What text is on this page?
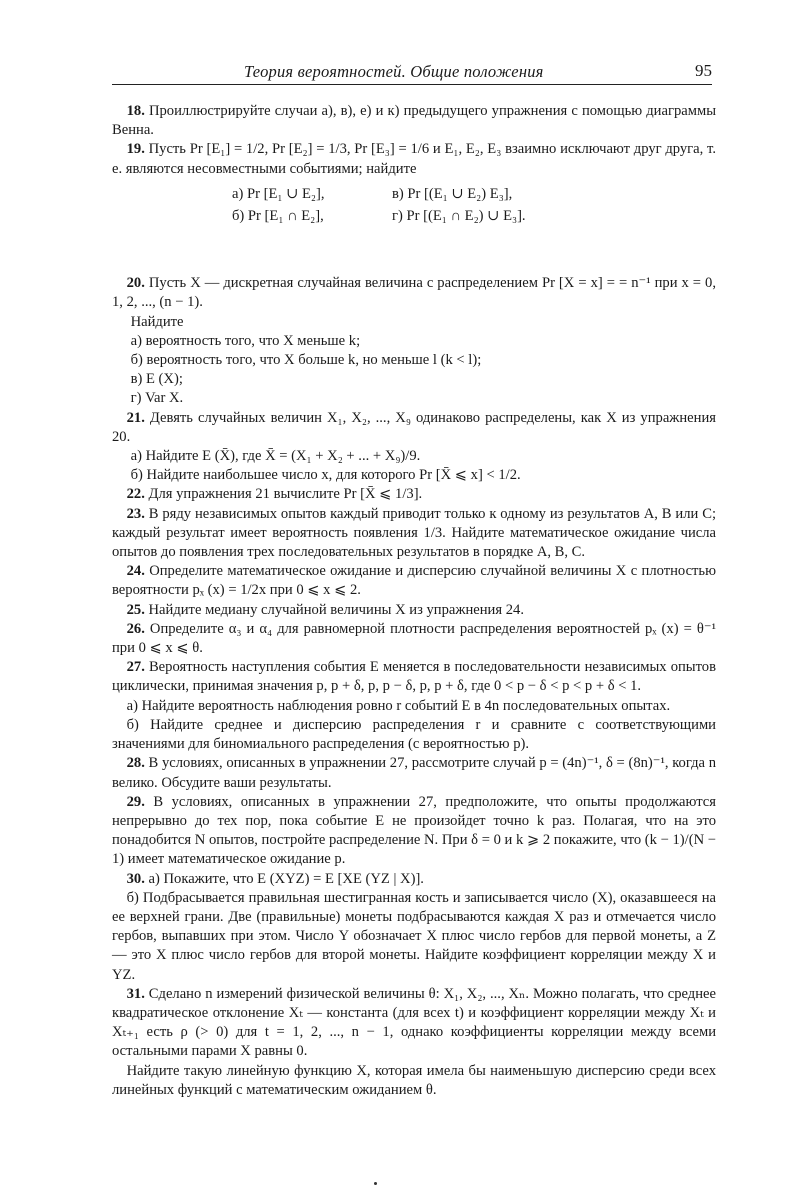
Теория вероятностей. Общие положения	95

 18. Проиллюстрируйте случаи а), в), е) и к) предыдущего упражнения с помощью диаграммы Венна.

 19. Пусть Pr [E₁] = 1/2, Pr [E₂] = 1/3, Pr [E₃] = 1/6 и E₁, E₂, E₃ взаимно исключают друг друга, т. е. являются несовместными событиями; найдите

а) Pr [E₁ ∪ E₂],	в) Pr [(E₁ ∪ E₂) E₃],
б) Pr [E₁ ∩ E₂],	г) Pr [(E₁ ∩ E₂) ∪ E₃].

 20. Пусть X — дискретная случайная величина с распределением Pr [X = x] = = n⁻¹ при x = 0, 1, 2, ..., (n − 1).

 Найдите

 а) вероятность того, что X меньше k;

 б) вероятность того, что X больше k, но меньше l (k < l);

 в) E (X);

 г) Var X.

 21. Девять случайных величин X₁, X₂, ..., X₉ одинаково распределены, как X из упражнения 20.

 а) Найдите E (X̄), где X̄ = (X₁ + X₂ + ... + X₉)/9.

 б) Найдите наибольшее число x, для которого Pr [X̄ ⩽ x] < 1/2.

 22. Для упражнения 21 вычислите Pr [X̄ ⩽ 1/3].

 23. В ряду независимых опытов каждый приводит только к одному из результатов A, B или C; каждый результат имеет вероятность появления 1/3. Найдите математическое ожидание числа опытов до появления трех последовательных результатов в порядке A, B, C.

 24. Определите математическое ожидание и дисперсию случайной величины X с плотностью вероятности pₓ (x) = 1/2x при 0 ⩽ x ⩽ 2.

 25. Найдите медиану случайной величины X из упражнения 24.

 26. Определите α₃ и α₄ для равномерной плотности распределения вероятностей pₓ (x) = θ⁻¹ при 0 ⩽ x ⩽ θ.

 27. Вероятность наступления события E меняется в последовательности независимых опытов циклически, принимая значения p, p + δ, p, p − δ, p, p + δ, где 0 < p − δ < p < p + δ < 1.

 а) Найдите вероятность наблюдения ровно r событий E в 4n последовательных опытах.

 б) Найдите среднее и дисперсию распределения r и сравните с соответствующими значениями для биномиального распределения (с вероятностью p).

 28. В условиях, описанных в упражнении 27, рассмотрите случай p = (4n)⁻¹, δ = (8n)⁻¹, когда n велико. Обсудите ваши результаты.

 29. В условиях, описанных в упражнении 27, предположите, что опыты продолжаются непрерывно до тех пор, пока событие E не произойдет точно k раз. Полагая, что на это понадобится N опытов, постройте распределение N. При δ = 0 и k ⩾ 2 покажите, что (k − 1)/(N − 1) имеет математическое ожидание p.

 30. а) Покажите, что E (XYZ) = E [XE (YZ | X)].

 б) Подбрасывается правильная шестигранная кость и записывается число (X), оказавшееся на ее верхней грани. Две (правильные) монеты подбрасываются каждая X раз и отмечается число гербов, выпавших при этом. Число Y обозначает X плюс число гербов для первой монеты, а Z — это X плюс число гербов для второй монеты. Найдите коэффициент корреляции между X и YZ.

 31. Сделано n измерений физической величины θ: X₁, X₂, ..., Xₙ. Можно полагать, что среднее квадратическое отклонение Xₜ — константа (для всех t) и коэффициент корреляции между Xₜ и Xₜ₊₁ есть ρ (> 0) для t = 1, 2, ..., n − 1, однако коэффициенты корреляции между всеми остальными парами X равны 0.

 Найдите такую линейную функцию X, которая имела бы наименьшую дисперсию среди всех линейных функций с математическим ожиданием θ.
